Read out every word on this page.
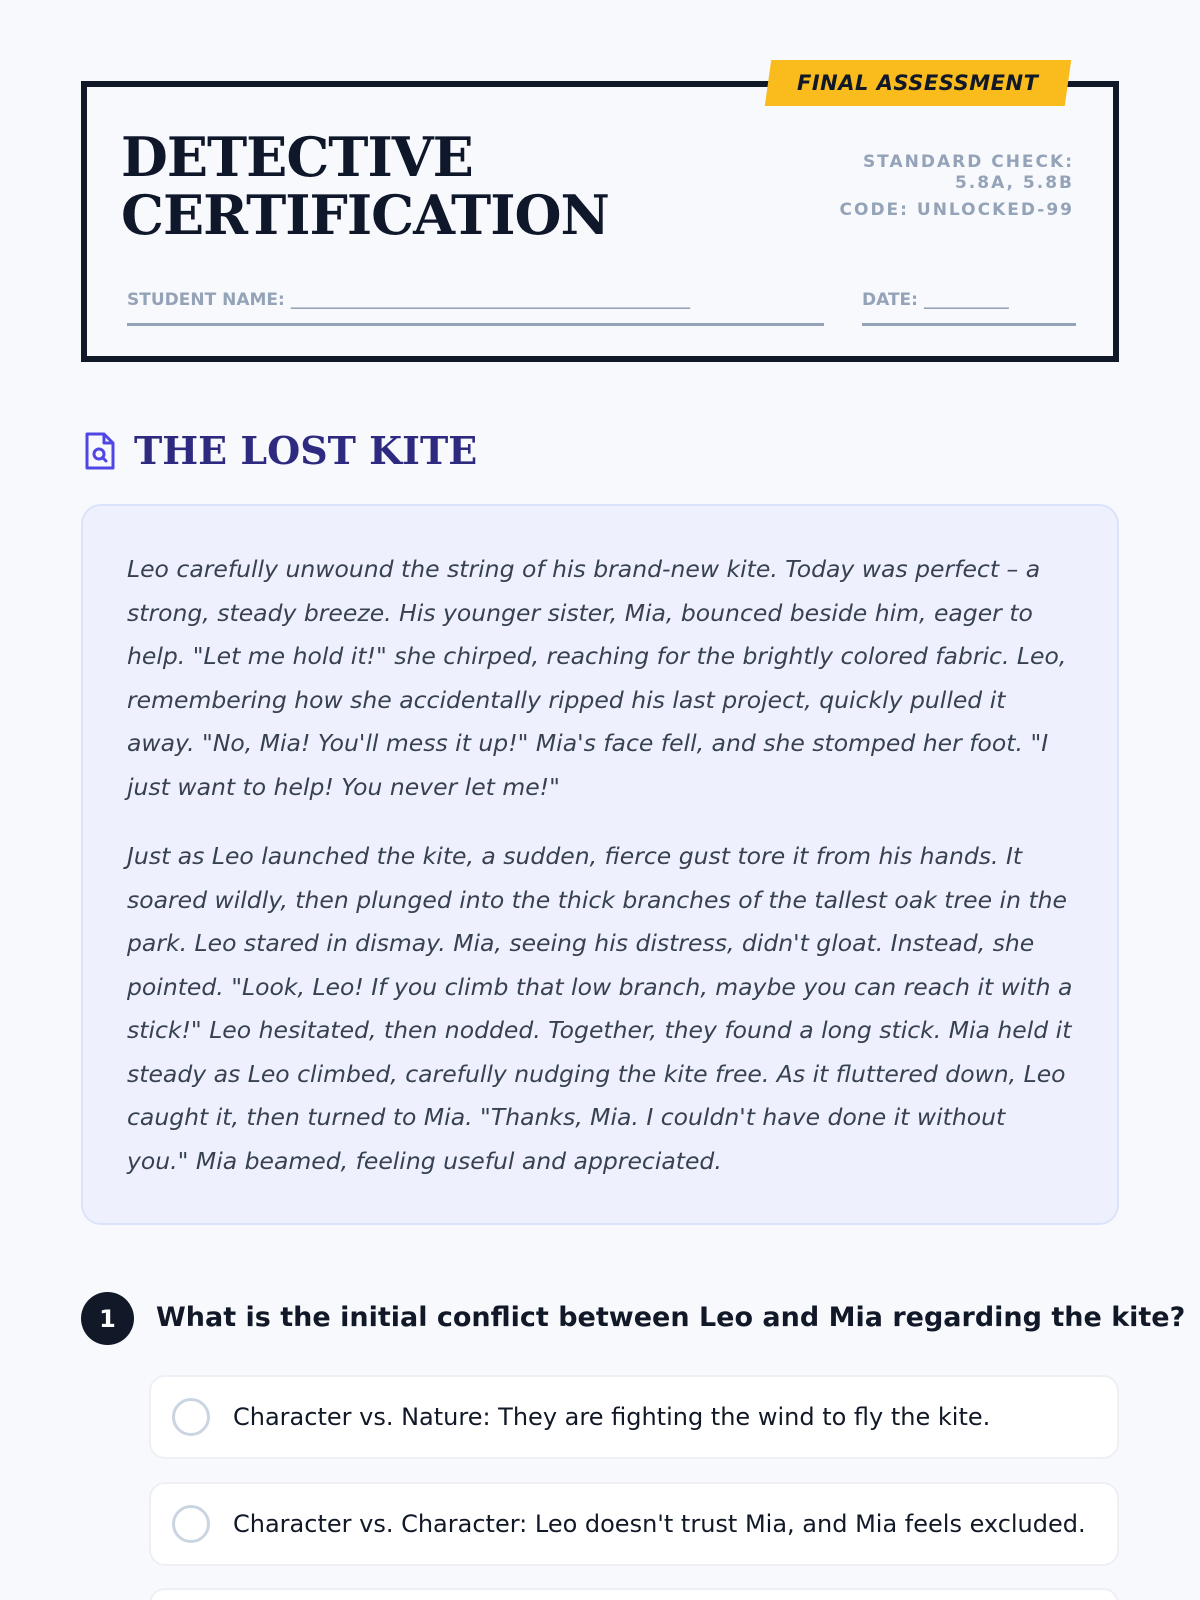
FINAL ASSESSMENT
DETECTIVE
CERTIFICATION
STANDARD CHECK:
5.8A, 5.8B
CODE: UNLOCKED-99
STUDENT NAME: _______________________________________________	DATE: __________
THE LOST KITE

Leo carefully unwound the string of his brand-new kite. Today was perfect – a strong, steady breeze. His younger sister, Mia, bounced beside him, eager to help. "Let me hold it!" she chirped, reaching for the brightly colored fabric. Leo, remembering how she accidentally ripped his last project, quickly pulled it away. "No, Mia! You'll mess it up!" Mia's face fell, and she stomped her foot. "I just want to help! You never let me!"

Just as Leo launched the kite, a sudden, fierce gust tore it from his hands. It soared wildly, then plunged into the thick branches of the tallest oak tree in the park. Leo stared in dismay. Mia, seeing his distress, didn't gloat. Instead, she pointed. "Look, Leo! If you climb that low branch, maybe you can reach it with a stick!" Leo hesitated, then nodded. Together, they found a long stick. Mia held it steady as Leo climbed, carefully nudging the kite free. As it fluttered down, Leo caught it, then turned to Mia. "Thanks, Mia. I couldn't have done it without you." Mia beamed, feeling useful and appreciated.

1	What is the initial conflict between Leo and Mia regarding the kite?

Character vs. Nature: They are fighting the wind to fly the kite.
Character vs. Character: Leo doesn't trust Mia, and Mia feels excluded.
